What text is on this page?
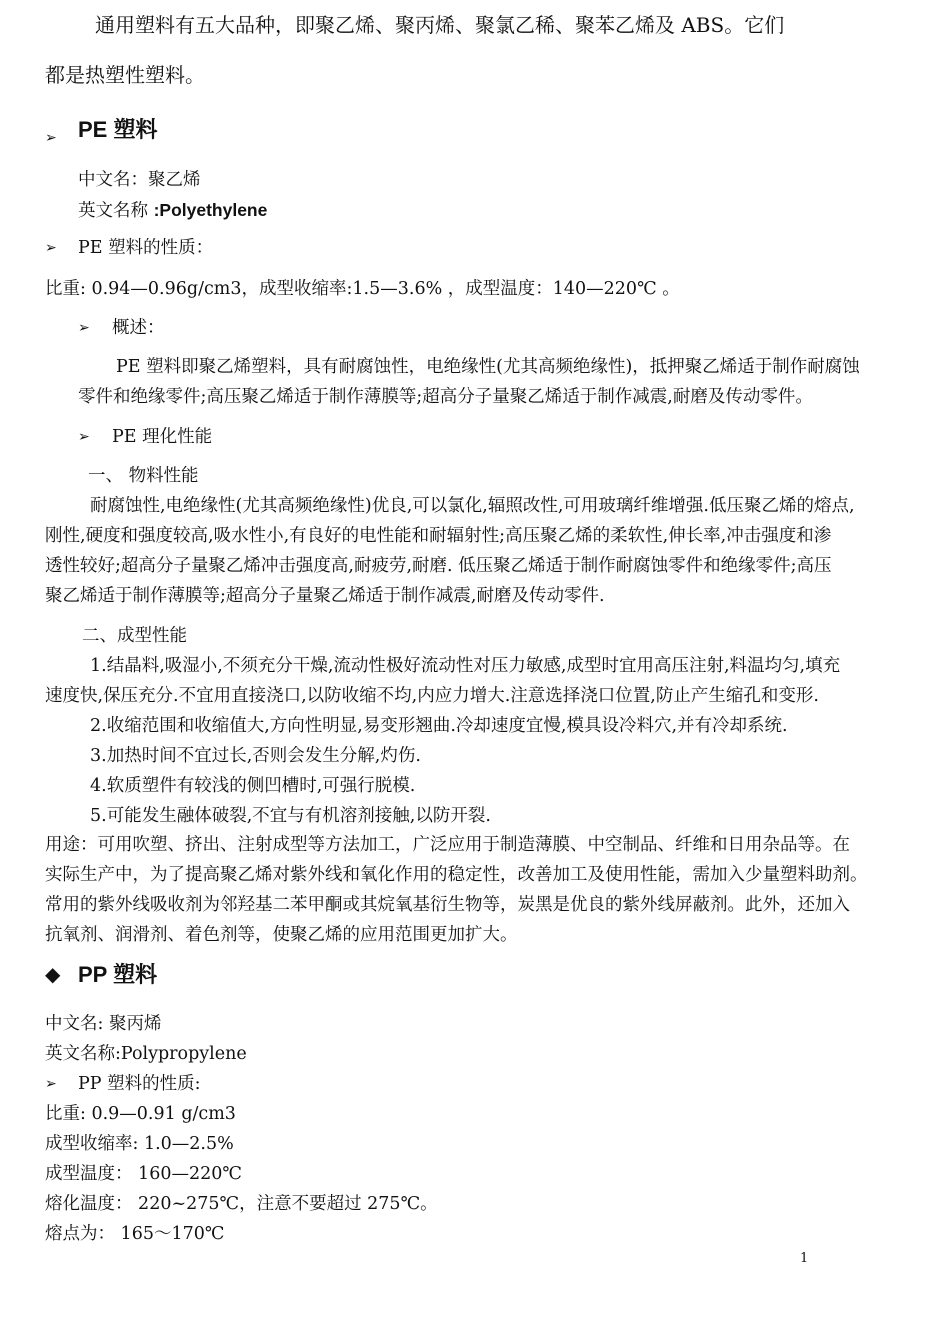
通用塑料有五大品种，即聚乙烯、聚丙烯、聚氯乙稀、聚苯乙烯及 ABS。它们
都是热塑性塑料。
➢ PE 塑料
中文名：聚乙烯
英文名称 :Polyethylene
➢ PE 塑料的性质：
比重: 0.94—0.96g/cm3，成型收缩率:1.5—3.6% ，成型温度：140—220℃ 。
➢ 概述：
PE 塑料即聚乙烯塑料，具有耐腐蚀性，电绝缘性(尤其高频绝缘性)，抵押聚乙烯适于制作耐腐蚀
零件和绝缘零件;高压聚乙烯适于制作薄膜等;超高分子量聚乙烯适于制作减震,耐磨及传动零件。
➢ PE 理化性能
一、 物料性能
耐腐蚀性,电绝缘性(尤其高频绝缘性)优良,可以氯化,辐照改性,可用玻璃纤维增强.低压聚乙烯的熔点,
刚性,硬度和强度较高,吸水性小,有良好的电性能和耐辐射性;高压聚乙烯的柔软性,伸长率,冲击强度和渗
透性较好;超高分子量聚乙烯冲击强度高,耐疲劳,耐磨. 低压聚乙烯适于制作耐腐蚀零件和绝缘零件;高压
聚乙烯适于制作薄膜等;超高分子量聚乙烯适于制作减震,耐磨及传动零件.
二、成型性能
1.结晶料,吸湿小,不须充分干燥,流动性极好流动性对压力敏感,成型时宜用高压注射,料温均匀,填充
速度快,保压充分.不宜用直接浇口,以防收缩不均,内应力增大.注意选择浇口位置,防止产生缩孔和变形.
2.收缩范围和收缩值大,方向性明显,易变形翘曲.冷却速度宜慢,模具设冷料穴,并有冷却系统.
3.加热时间不宜过长,否则会发生分解,灼伤.
4.软质塑件有较浅的侧凹槽时,可强行脱模.
5.可能发生融体破裂,不宜与有机溶剂接触,以防开裂.
用途：可用吹塑、挤出、注射成型等方法加工，广泛应用于制造薄膜、中空制品、纤维和日用杂品等。在
实际生产中，为了提高聚乙烯对紫外线和氧化作用的稳定性，改善加工及使用性能，需加入少量塑料助剂。
常用的紫外线吸收剂为邻羟基二苯甲酮或其烷氧基衍生物等，炭黑是优良的紫外线屏蔽剂。此外，还加入
抗氧剂、润滑剂、着色剂等，使聚乙烯的应用范围更加扩大。
◆ PP 塑料
中文名: 聚丙烯
英文名称:Polypropylene
➢ PP 塑料的性质:
比重: 0.9—0.91 g/cm3
成型收缩率: 1.0—2.5%
成型温度： 160—220℃
熔化温度： 220~275℃，注意不要超过 275℃。
熔点为： 165～170℃
1
